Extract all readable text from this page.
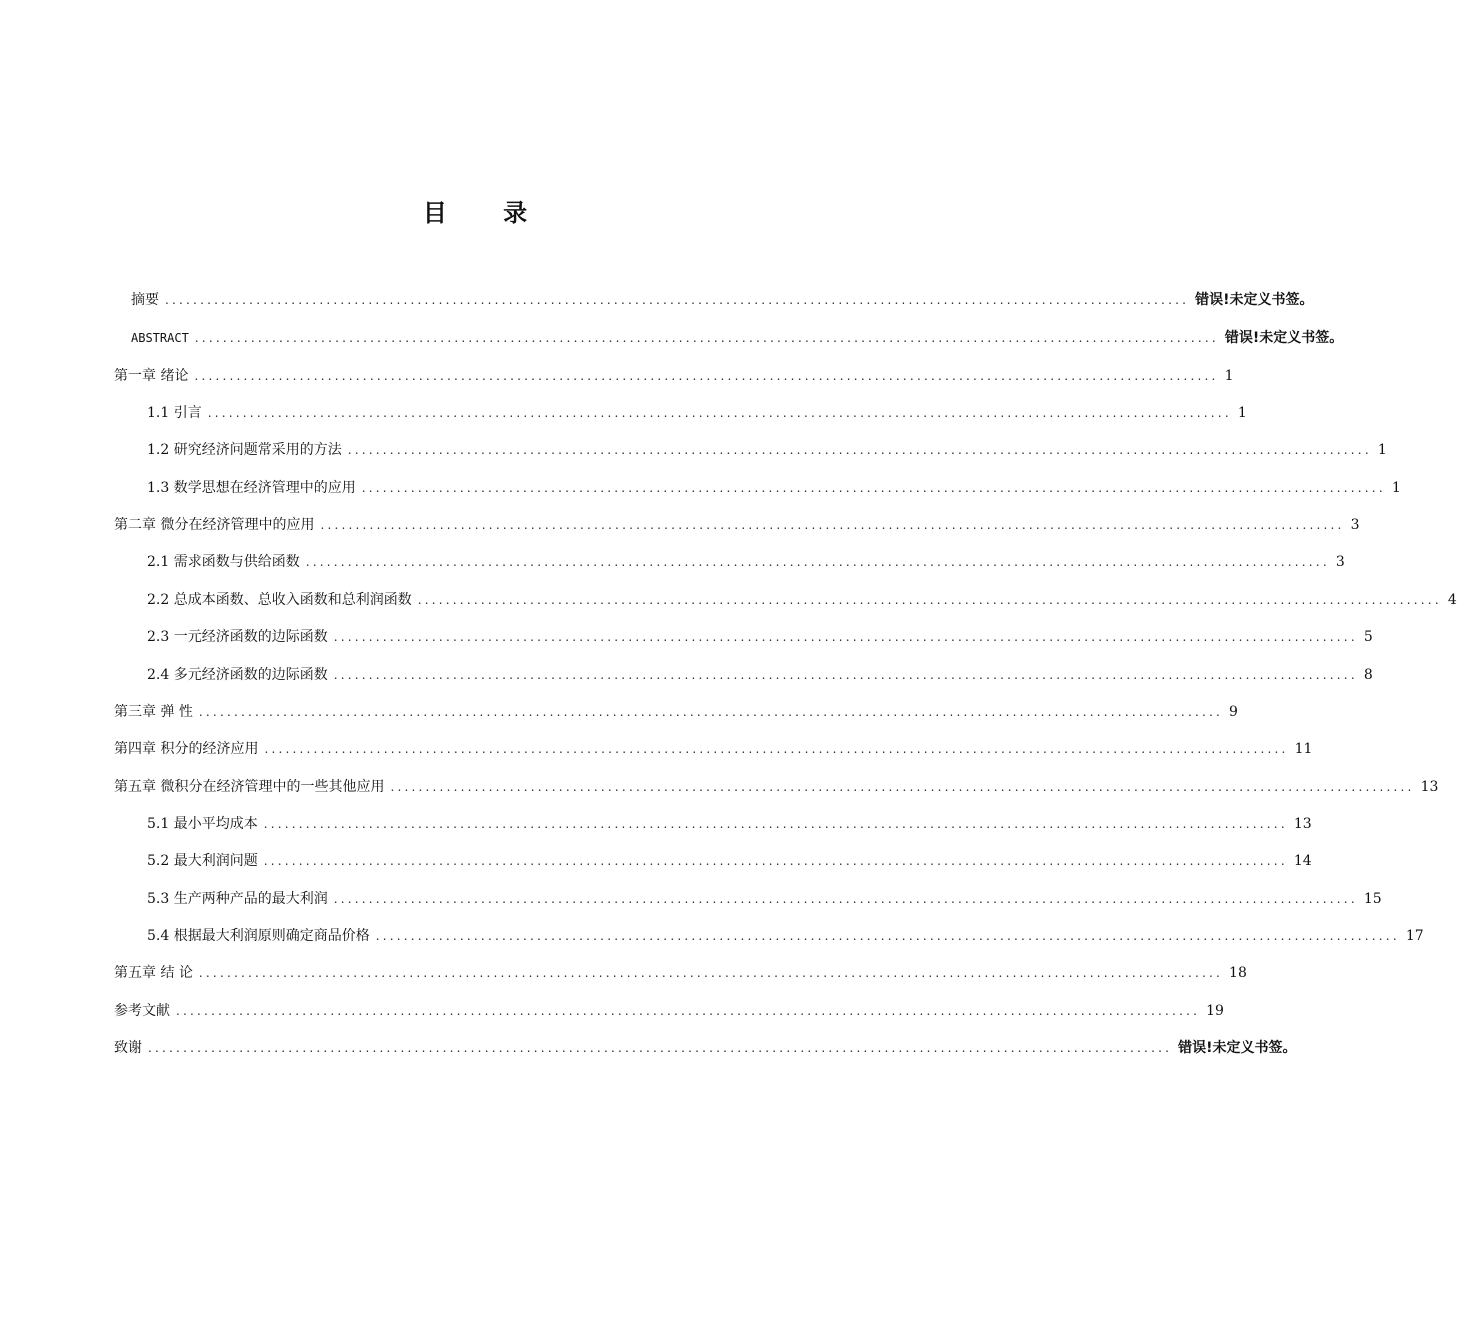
目 录
摘要 .................................................................................................................................................. 错误!未定义书签。
ABSTRACT .................................................................................................................................................. 错误!未定义书签。
第一章 绪论 .................................................................................................................................................. 1
1.1 引言 .................................................................................................................................................. 1
1.2 研究经济问题常采用的方法 .................................................................................................................................................. 1
1.3 数学思想在经济管理中的应用 .................................................................................................................................................. 1
第二章 微分在经济管理中的应用 .................................................................................................................................................. 3
2.1 需求函数与供给函数 .................................................................................................................................................. 3
2.2 总成本函数、总收入函数和总利润函数 .................................................................................................................................................. 4
2.3 一元经济函数的边际函数 .................................................................................................................................................. 5
2.4 多元经济函数的边际函数 .................................................................................................................................................. 8
第三章 弹 性 .................................................................................................................................................. 9
第四章 积分的经济应用 .................................................................................................................................................. 11
第五章 微积分在经济管理中的一些其他应用 .................................................................................................................................................. 13
5.1 最小平均成本 .................................................................................................................................................. 13
5.2 最大利润问题 .................................................................................................................................................. 14
5.3 生产两种产品的最大利润 .................................................................................................................................................. 15
5.4 根据最大利润原则确定商品价格 .................................................................................................................................................. 17
第五章 结 论 .................................................................................................................................................. 18
参考文献 .................................................................................................................................................. 19
致谢 .................................................................................................................................................. 错误!未定义书签。
